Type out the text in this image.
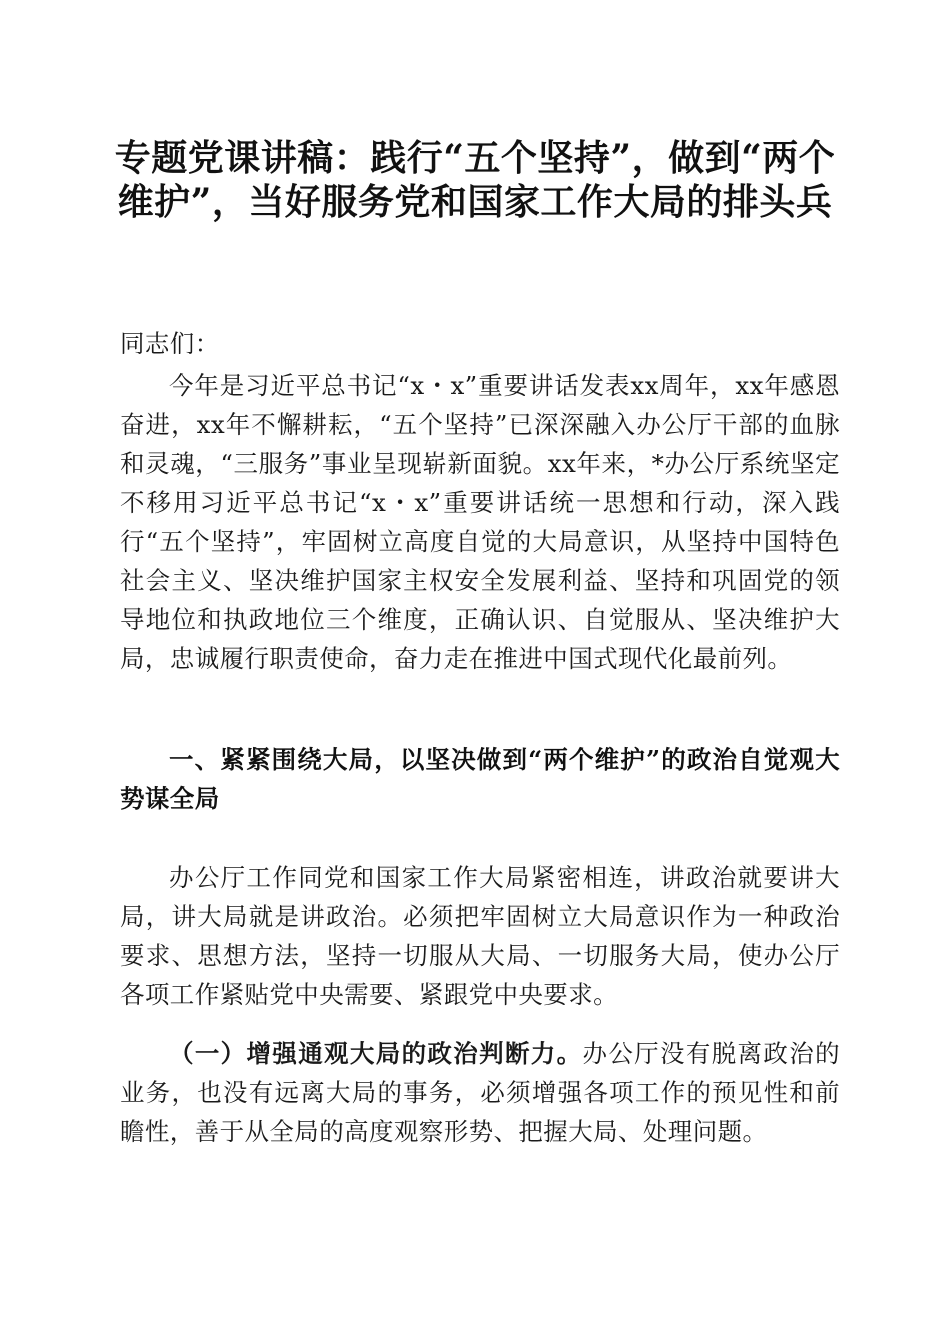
专题党课讲稿：践行“五个坚持”，做到“两个维护”，当好服务党和国家工作大局的排头兵

同志们：

今年是习近平总书记“x・x”重要讲话发表xx周年，xx年感恩奋进，xx年不懈耕耘，“五个坚持”已深深融入办公厅干部的血脉和灵魂，“三服务”事业呈现崭新面貌。xx年来，*办公厅系统坚定不移用习近平总书记“x・x”重要讲话统一思想和行动，深入践行“五个坚持”，牢固树立高度自觉的大局意识，从坚持中国特色社会主义、坚决维护国家主权安全发展利益、坚持和巩固党的领导地位和执政地位三个维度，正确认识、自觉服从、坚决维护大局，忠诚履行职责使命，奋力走在推进中国式现代化最前列。

一、紧紧围绕大局，以坚决做到“两个维护”的政治自觉观大势谋全局

办公厅工作同党和国家工作大局紧密相连，讲政治就要讲大局，讲大局就是讲政治。必须把牢固树立大局意识作为一种政治要求、思想方法，坚持一切服从大局、一切服务大局，使办公厅各项工作紧贴党中央需要、紧跟党中央要求。

（一）增强通观大局的政治判断力。办公厅没有脱离政治的业务，也没有远离大局的事务，必须增强各项工作的预见性和前瞻性，善于从全局的高度观察形势、把握大局、处理问题。
